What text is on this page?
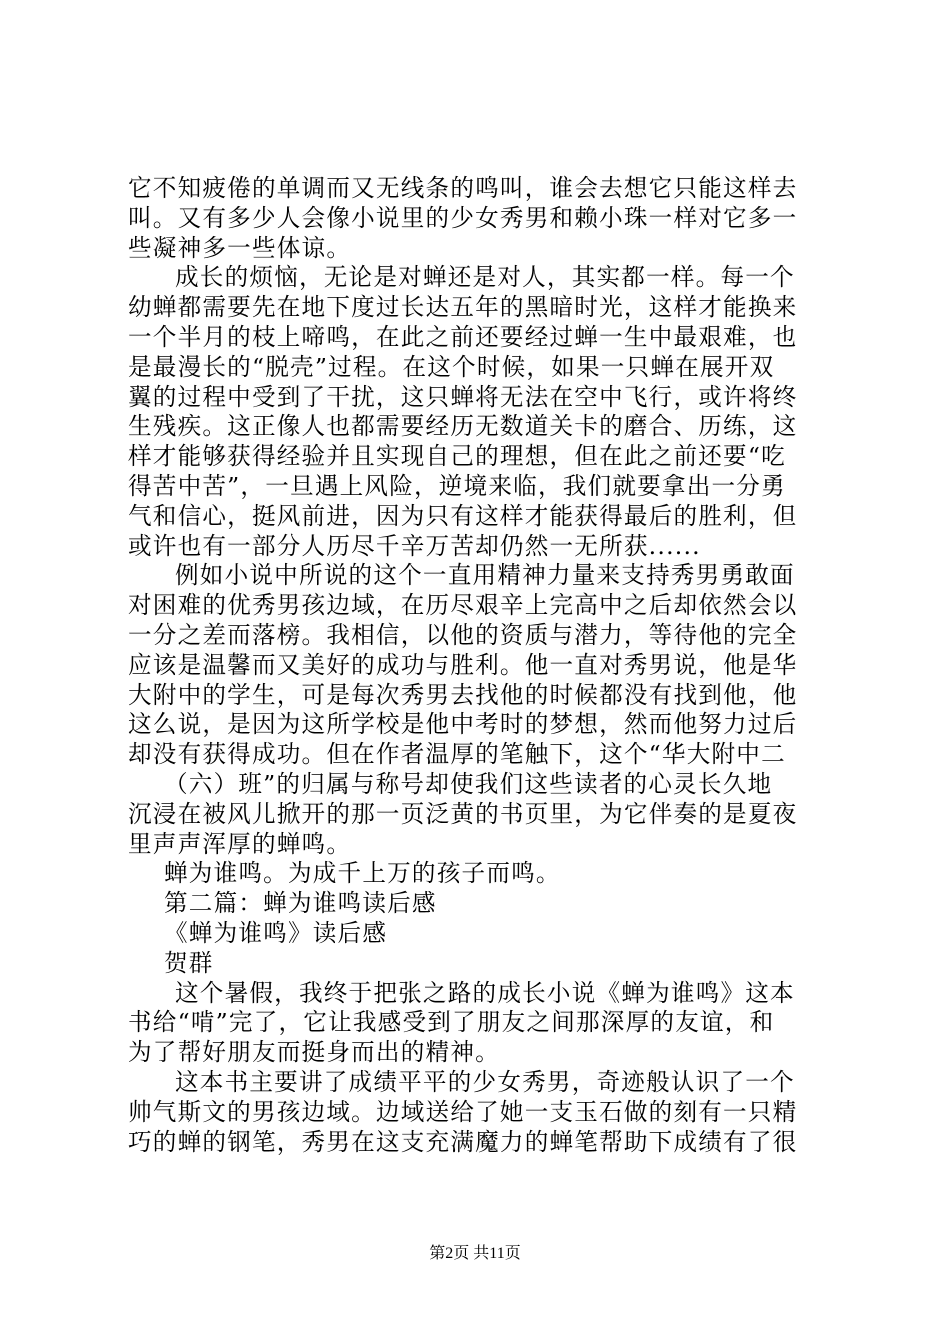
它不知疲倦的单调而又无线条的鸣叫，谁会去想它只能这样去
叫。又有多少人会像小说里的少女秀男和赖小珠一样对它多一
些凝神多一些体谅。
成长的烦恼，无论是对蝉还是对人，其实都一样。每一个
幼蝉都需要先在地下度过长达五年的黑暗时光，这样才能换来
一个半月的枝上啼鸣，在此之前还要经过蝉一生中最艰难，也
是最漫长的“脱壳”过程。在这个时候，如果一只蝉在展开双
翼的过程中受到了干扰，这只蝉将无法在空中飞行，或许将终
生残疾。这正像人也都需要经历无数道关卡的磨合、历练，这
样才能够获得经验并且实现自己的理想，但在此之前还要“吃
得苦中苦”，一旦遇上风险，逆境来临，我们就要拿出一分勇
气和信心，挺风前进，因为只有这样才能获得最后的胜利，但
或许也有一部分人历尽千辛万苦却仍然一无所获......
例如小说中所说的这个一直用精神力量来支持秀男勇敢面
对困难的优秀男孩边域，在历尽艰辛上完高中之后却依然会以
一分之差而落榜。我相信，以他的资质与潜力，等待他的完全
应该是温馨而又美好的成功与胜利。他一直对秀男说，他是华
大附中的学生，可是每次秀男去找他的时候都没有找到他，他
这么说，是因为这所学校是他中考时的梦想，然而他努力过后
却没有获得成功。但在作者温厚的笔触下，这个“华大附中二
（六）班”的归属与称号却使我们这些读者的心灵长久地
沉浸在被风儿掀开的那一页泛黄的书页里，为它伴奏的是夏夜
里声声浑厚的蝉鸣。
蝉为谁鸣。为成千上万的孩子而鸣。
第二篇：蝉为谁鸣读后感
《蝉为谁鸣》读后感
贺群
这个暑假，我终于把张之路的成长小说《蝉为谁鸣》这本
书给“啃”完了，它让我感受到了朋友之间那深厚的友谊，和
为了帮好朋友而挺身而出的精神。
这本书主要讲了成绩平平的少女秀男，奇迹般认识了一个
帅气斯文的男孩边域。边域送给了她一支玉石做的刻有一只精
巧的蝉的钢笔，秀男在这支充满魔力的蝉笔帮助下成绩有了很
第2页 共11页
